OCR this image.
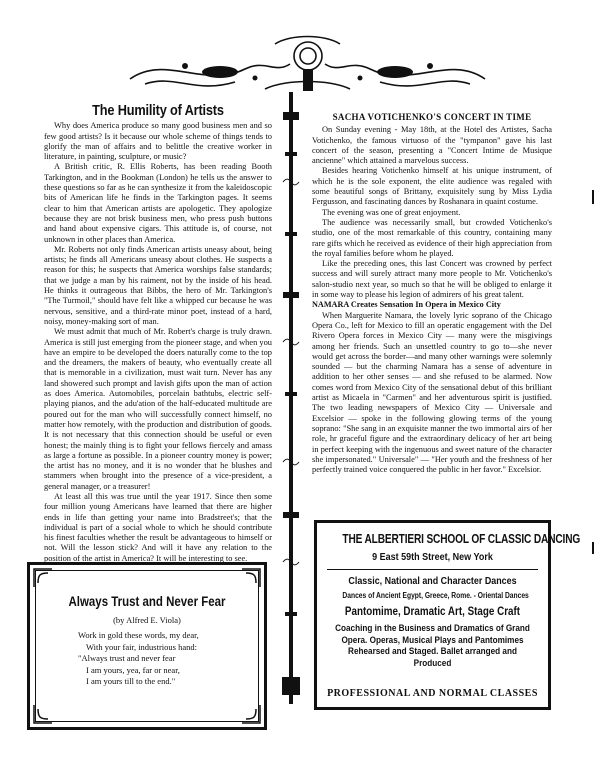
The Humility of Artists

Why does America produce so many good business men and so few good artists? Is it because our whole scheme of things tends to glorify the man of affairs and to belittle the creative worker in literature, in painting, sculpture, or music?

A British critic, R. Ellis Roberts, has been reading Booth Tarkington, and in the Bookman (London) he tells us the answer to these questions so far as he can synthesize it from the kaleidoscopic bits of American life he finds in the Tarkington pages. It seems clear to him that American artists are apologetic. They apologize because they are not brisk business men, who press push buttons and hand about expensive cigars. This attitude is, of course, not unknown in other places than America.

Mr. Roberts not only finds American artists uneasy about, being artists; he finds all Americans uneasy about clothes. He suspects a reason for this; he suspects that America worships false standards; that we judge a man by his raiment, not by the inside of his head. He thinks it outrageous that Bibbs, the hero of Mr. Tarkington's "The Turmoil," should have felt like a whipped cur because he was nervous, sensitive, and a third-rate minor poet, instead of a hard, noisy, money-making sort of man.

We must admit that much of Mr. Robert's charge is truly drawn. America is still just emerging from the pioneer stage, and when you have an empire to be developed the doers naturally come to the top and the dreamers, the makers of beauty, who eventually create all that is memorable in a civilization, must wait turn. Never has any land showered such prompt and lavish gifts upon the man of action as does America. Automobiles, porcelain bathtubs, electric self-playing pianos, and the adu'ation of the half-educated multitude are poured out for the man who will successfully connect himself, no matter how remotely, with the production and distribution of goods. It is not necessary that this connection should be useful or even honest; the mainly thing is to fight your fellows fiercely and amass as large a fortune as possible. In a pioneer country money is power; the artist has no money, and it is no wonder that he blushes and stammers when brought into the presence of a vice-president, a general manager, or a treasurer!

At least all this was true until the year 1917. Since then some four million young Americans have learned that there are higher ends in life than getting your name into Bradstreet's; that the individual is part of a social whole to which he should contribute his finest faculties whether the result be advantageous to himself or not. Will the lesson stick? And will it have any relation to the position of the artist in America? It will be interesting to see.

Always Trust and Never Fear
(by Alfred E. Viola)
Work in gold these words, my dear,
With your fair, industrious hand:
"Always trust and never fear
I am yours, yea, far or near,
I am yours till to the end."
SACHA VOTICHENKO'S CONCERT IN TIME

On Sunday evening - May 18th, at the Hotel des Artistes, Sacha Votichenko, the famous virtuoso of the "tympanon" gave his last concert of the season, presenting a "Concert Intime de Musique ancienne" which attained a marvelous success.

Besides hearing Votichenko himself at his unique instrument, of which he is the sole exponent, the elite audience was regaled with some beautiful songs of Brittany, exquisitely sung by Miss Lydia Fergusson, and fascinating dances by Roshanara in quaint costume.

The evening was one of great enjoyment.

The audience was necessarily small, but crowded Votichenko's studio, one of the most remarkable of this country, containing many rare gifts which he received as evidence of their high appreciation from the royal families before whom he played.

Like the preceding ones, this last Concert was crowned by perfect success and will surely attract many more people to Mr. Votichenko's salon-studio next year, so much so that he will be obliged to enlarge it in some way to please his legion of admirers of his great talent.

NAMARA Creates Sensation In Opera in Mexico City

When Marguerite Namara, the lovely lyric soprano of the Chicago Opera Co., left for Mexico to fill an operatic engagement with the Del Rivero Opera forces in Mexico City — many were the misgivings among her friends. Such an unsettled country to go to—she never would get across the border—and many other warnings were solemnly sounded — but the charming Namara has a sense of adventure in addition to her other senses — and she refused to be alarmed. Now comes word from Mexico City of the sensational debut of this brilliant artist as Micaela in "Carmen" and her adventurous spirit is justified. The two leading newspapers of Mexico City — Universale and Excelsior — spoke in the following glowing terms of the young soprano: "She sang in an exquisite manner the two immortal airs of her role, hr graceful figure and the extraordinary delicacy of her art being in perfect keeping with the ingenuous and sweet nature of the character she impersonated." Universale" — "Her youth and the freshness of her perfectly trained voice conquered the public in her favor." Excelsior.

THE ALBERTIERI SCHOOL OF CLASSIC DANCING
9 East 59th Street, New York
Classic, National and Character Dances
Dances of Ancient Egypt, Greece, Rome. - Oriental Dances
Pantomime, Dramatic Art, Stage Craft
Coaching in the Business and Dramatics of Grand Opera. Operas, Musical Plays and Pantomimes Rehearsed and Staged. Ballet arranged and Produced
PROFESSIONAL AND NORMAL CLASSES
